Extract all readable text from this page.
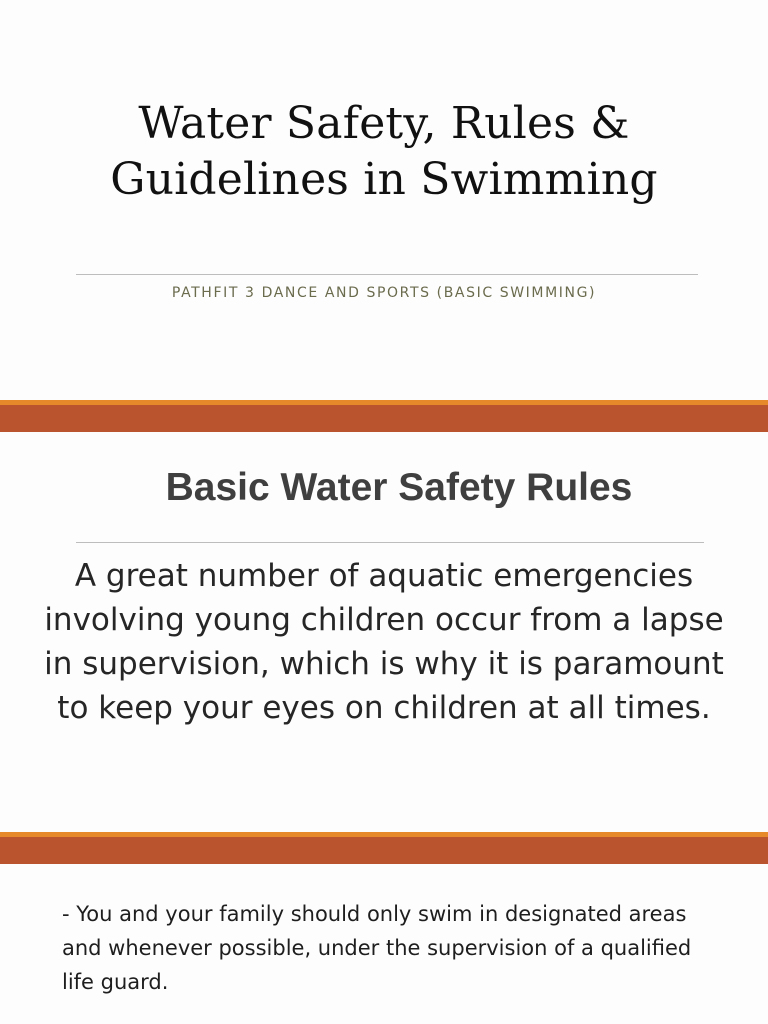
Water Safety, Rules & Guidelines in Swimming
PATHFIT 3 DANCE AND SPORTS (BASIC SWIMMING)
Basic Water Safety Rules

A great number of aquatic emergencies involving young children occur from a lapse in supervision, which is why it is paramount to keep your eyes on children at all times.

- You and your family should only swim in designated areas and whenever possible, under the supervision of a qualified life guard.
